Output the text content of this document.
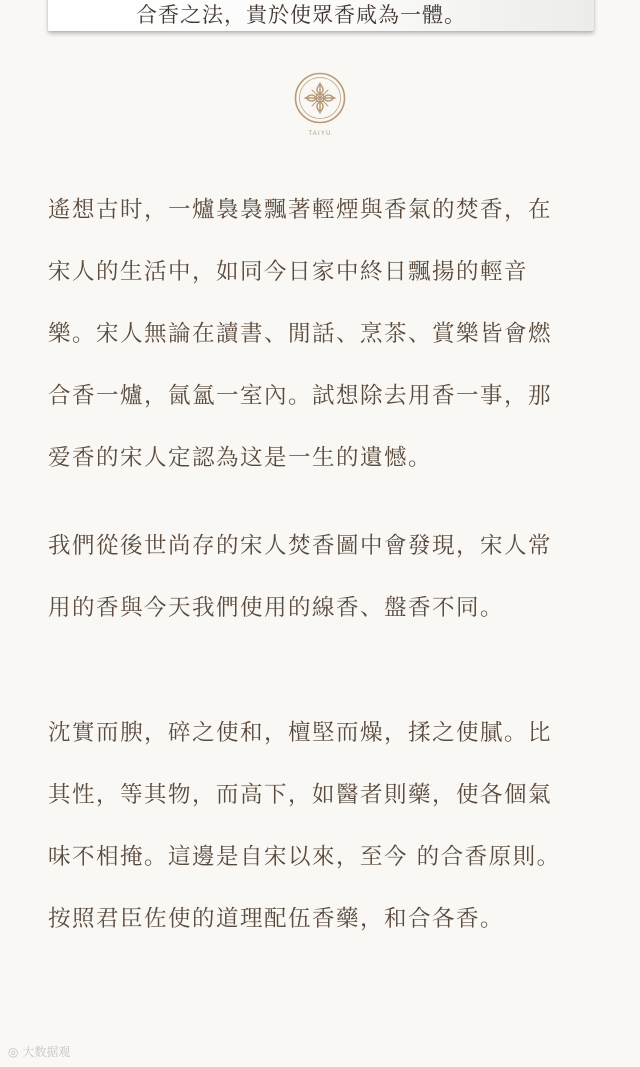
合香之法，貴於使眾香咸為一體。
TAIYU
遙想古时，一爐裊裊飄著輕煙與香氣的焚香，在
宋人的生活中，如同今日家中終日飄揚的輕音
樂。宋人無論在讀書、閒話、烹茶、賞樂皆會燃
合香一爐，氤氳一室內。試想除去用香一事，那
爱香的宋人定認為这是一生的遺憾。
我們從後世尚存的宋人焚香圖中會發現，宋人常
用的香與今天我們使用的線香、盤香不同。
沈實而腴，碎之使和，檀堅而燥，揉之使膩。比
其性，等其物，而高下，如醫者則藥，使各個氣
味不相掩。這邊是自宋以來，至今 的合香原則。
按照君臣佐使的道理配伍香藥，和合各香。
◎ 大数据观
